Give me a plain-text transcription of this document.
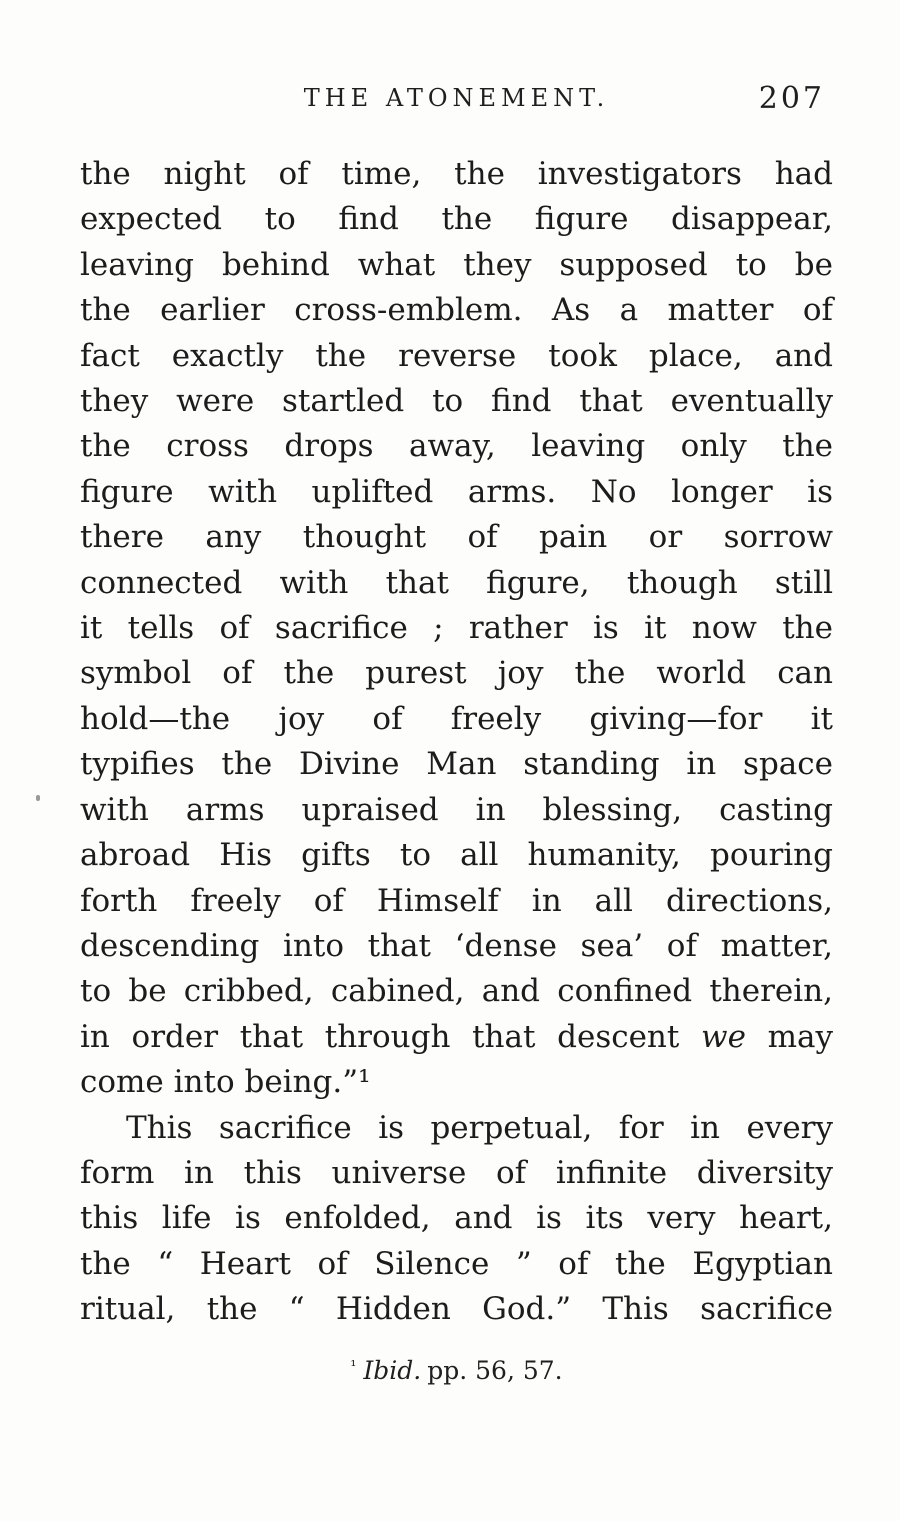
THE ATONEMENT.	207
the night of time, the investigators had
expected to find the figure disappear,
leaving behind what they supposed to be
the earlier cross-emblem. As a matter of
fact exactly the reverse took place, and
they were startled to find that eventually
the cross drops away, leaving only the
figure with uplifted arms. No longer is
there any thought of pain or sorrow
connected with that figure, though still
it tells of sacrifice ; rather is it now the
symbol of the purest joy the world can
hold—the joy of freely giving—for it
typifies the Divine Man standing in space
with arms upraised in blessing, casting
abroad His gifts to all humanity, pouring
forth freely of Himself in all directions,
descending into that ‘dense sea’ of matter,
to be cribbed, cabined, and confined therein,
in order that through that descent we may
come into being.”¹
This sacrifice is perpetual, for in every
form in this universe of infinite diversity
this life is enfolded, and is its very heart,
the “ Heart of Silence ” of the Egyptian
ritual, the “ Hidden God.” This sacrifice
$^{^1}$ Ibid. pp. 56, 57.
